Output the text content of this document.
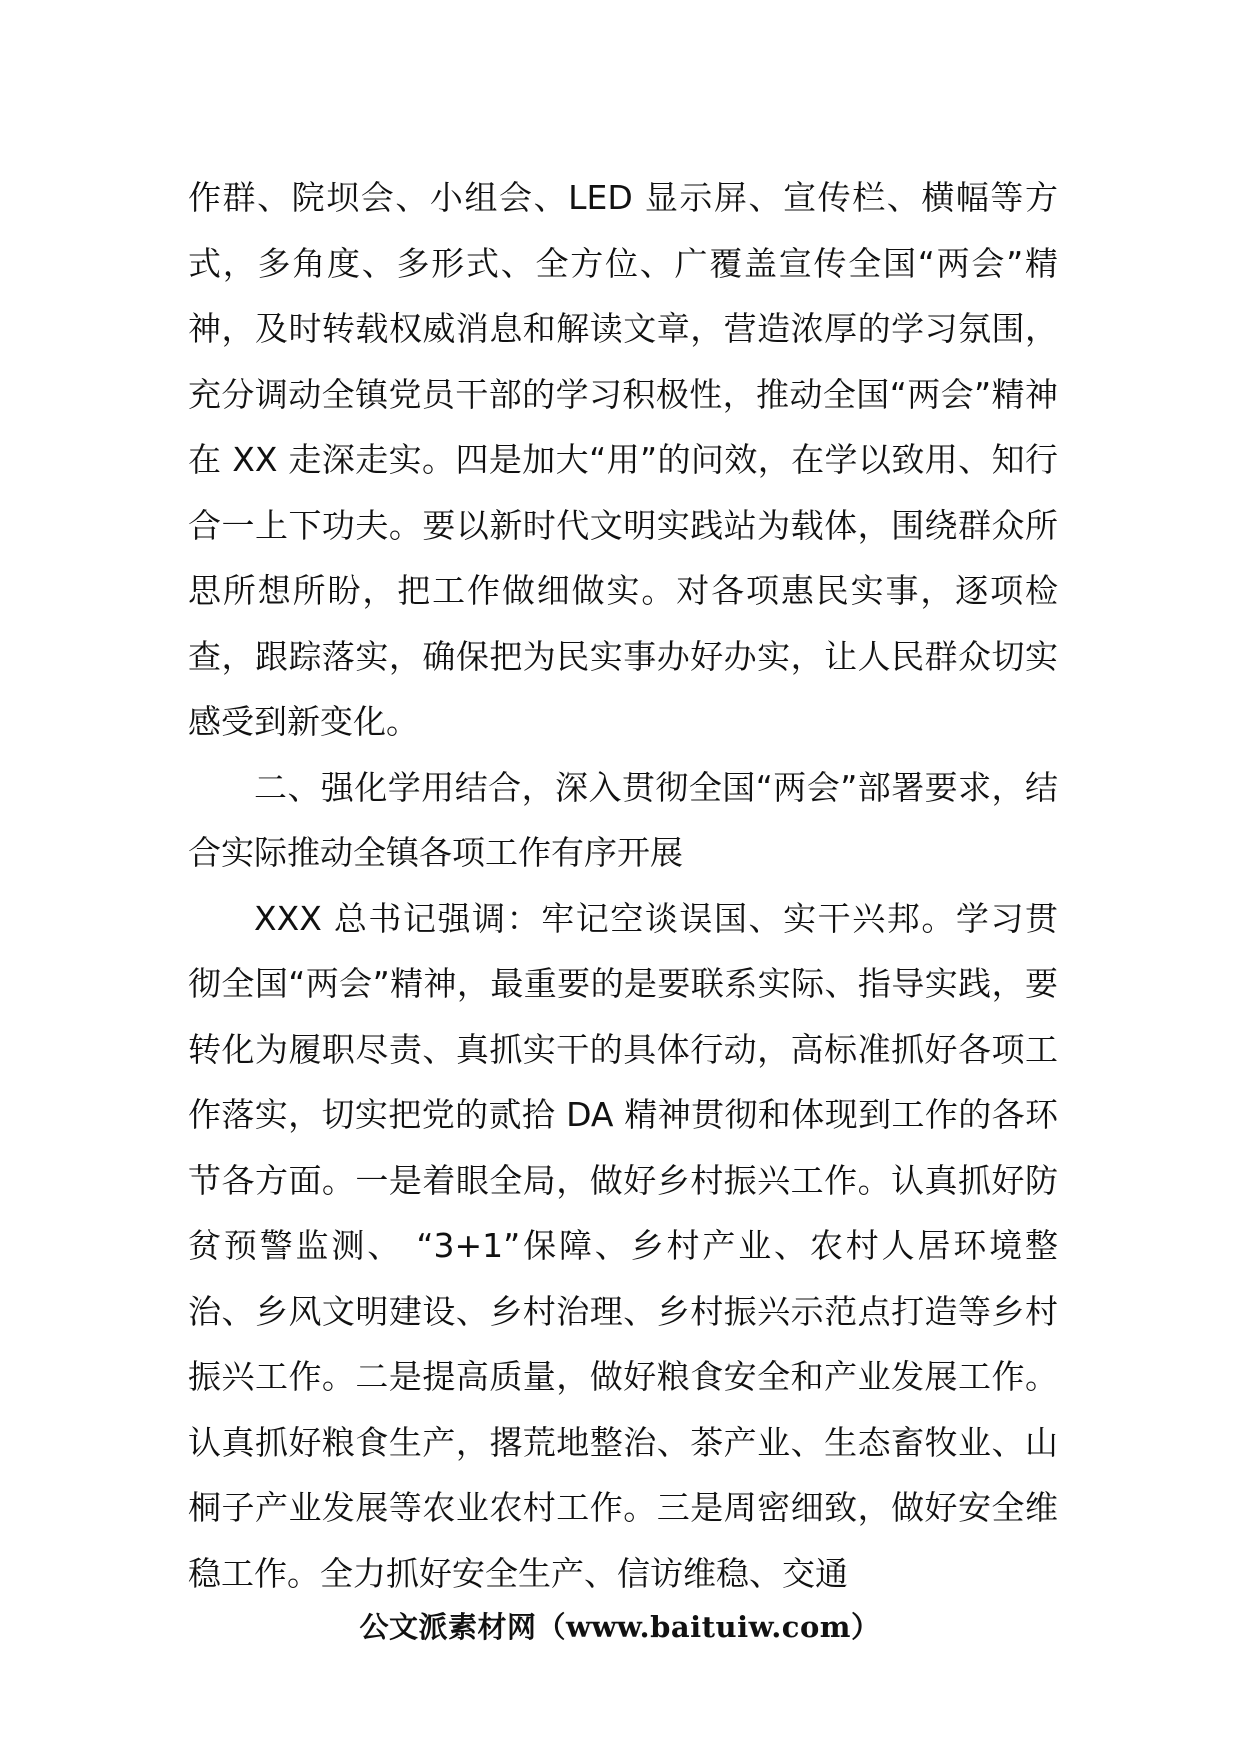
作群、院坝会、小组会、LED 显示屏、宣传栏、横幅等方式，多角度、多形式、全方位、广覆盖宣传全国“两会”精神，及时转载权威消息和解读文章，营造浓厚的学习氛围，充分调动全镇党员干部的学习积极性，推动全国“两会”精神在 XX 走深走实。四是加大“用”的问效，在学以致用、知行合一上下功夫。要以新时代文明实践站为载体，围绕群众所思所想所盼，把工作做细做实。对各项惠民实事，逐项检查，跟踪落实，确保把为民实事办好办实，让人民群众切实感受到新变化。

二、强化学用结合，深入贯彻全国“两会”部署要求，结合实际推动全镇各项工作有序开展

XXX 总书记强调：牢记空谈误国、实干兴邦。学习贯彻全国“两会”精神，最重要的是要联系实际、指导实践，要转化为履职尽责、真抓实干的具体行动，高标准抓好各项工作落实，切实把党的贰拾 DA 精神贯彻和体现到工作的各环节各方面。一是着眼全局，做好乡村振兴工作。认真抓好防贫预警监测、 “3+1”保障、乡村产业、农村人居环境整治、乡风文明建设、乡村治理、乡村振兴示范点打造等乡村振兴工作。二是提高质量，做好粮食安全和产业发展工作。认真抓好粮食生产，撂荒地整治、茶产业、生态畜牧业、山桐子产业发展等农业农村工作。三是周密细致，做好安全维稳工作。全力抓好安全生产、信访维稳、交通

公文派素材网（www.baituiw.com）
